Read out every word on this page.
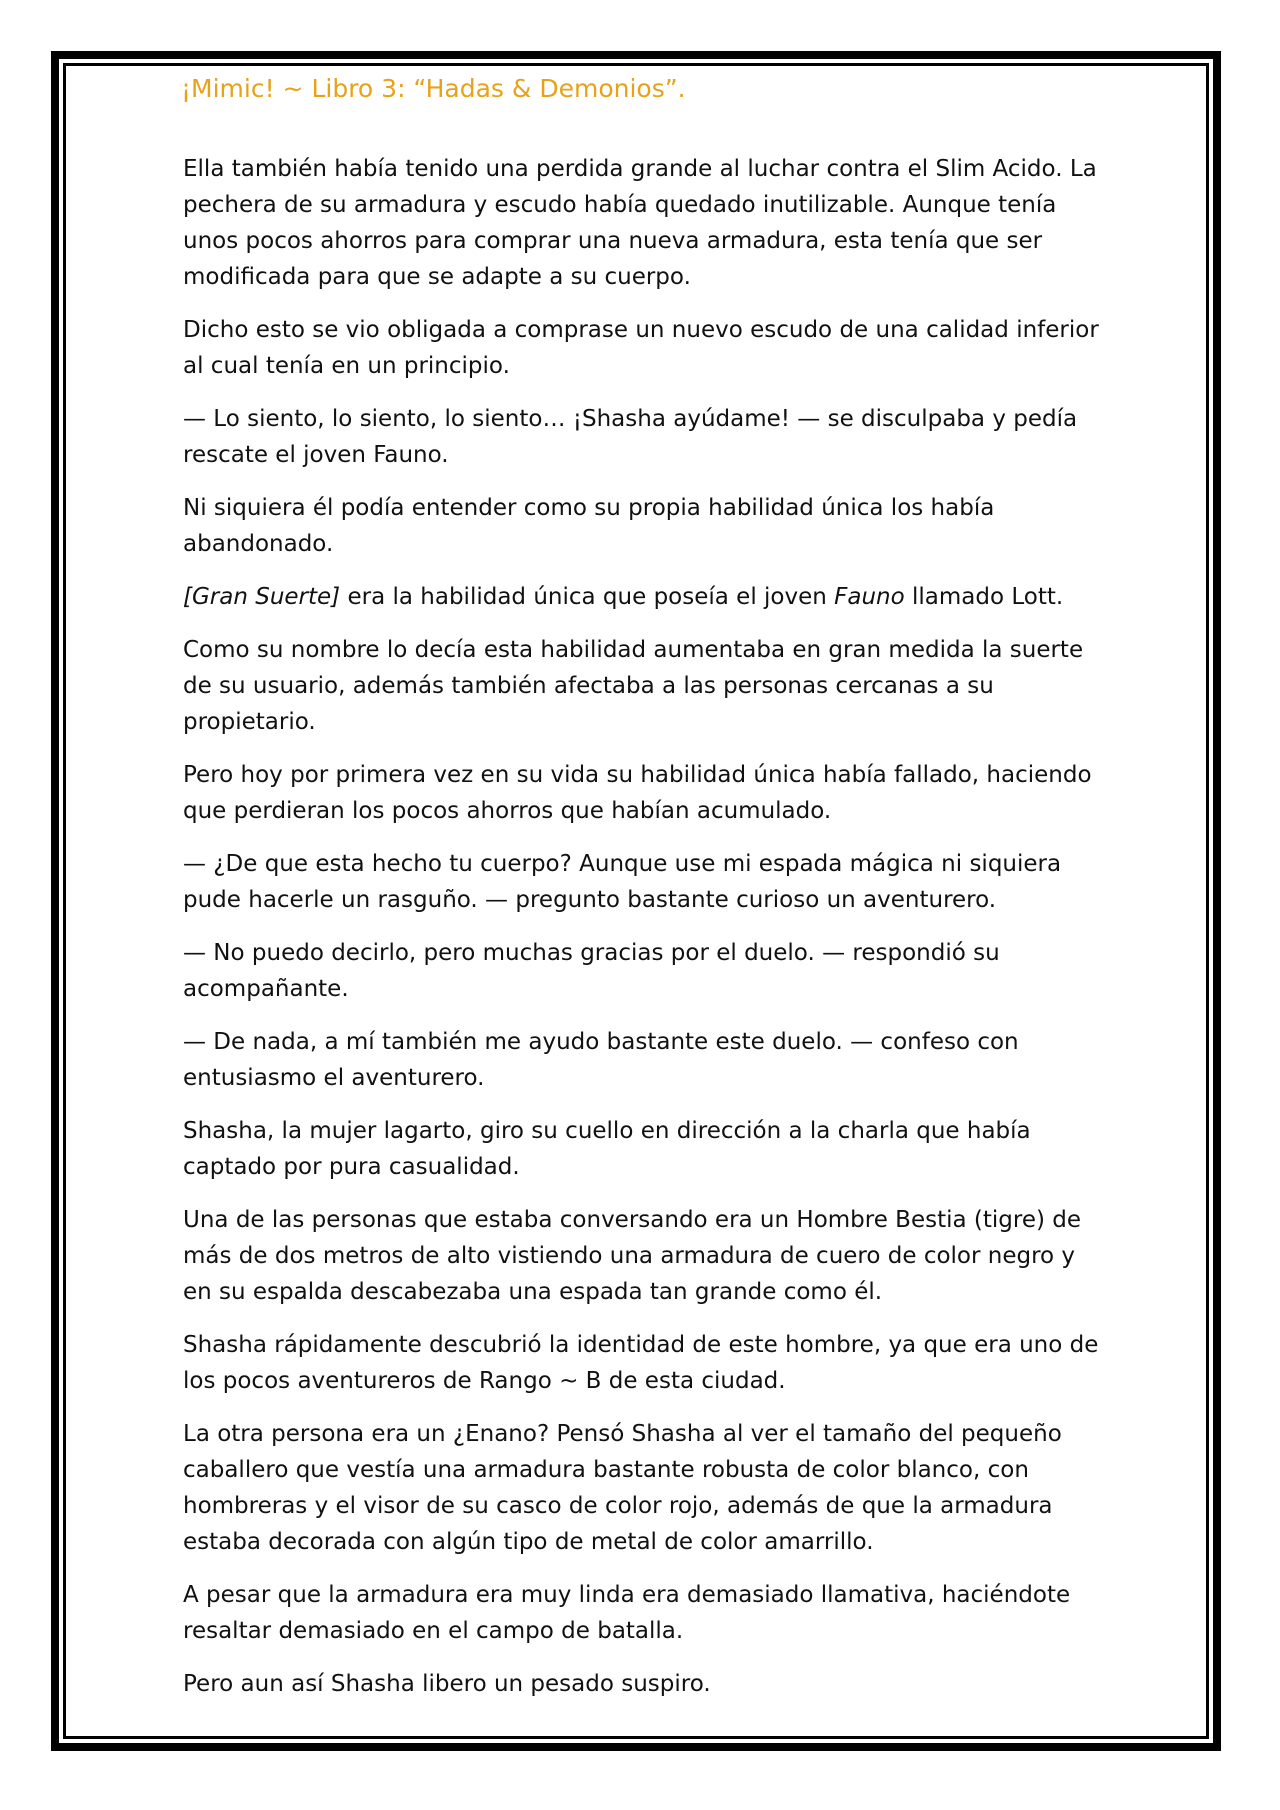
¡Mimic! ~ Libro 3: “Hadas & Demonios”.

Ella también había tenido una perdida grande al luchar contra el Slim Acido. La pechera de su armadura y escudo había quedado inutilizable. Aunque tenía unos pocos ahorros para comprar una nueva armadura, esta tenía que ser modificada para que se adapte a su cuerpo.

Dicho esto se vio obligada a comprase un nuevo escudo de una calidad inferior al cual tenía en un principio.

— Lo siento, lo siento, lo siento… ¡Shasha ayúdame! — se disculpaba y pedía rescate el joven Fauno.

Ni siquiera él podía entender como su propia habilidad única los había abandonado.

[Gran Suerte] era la habilidad única que poseía el joven Fauno llamado Lott.

Como su nombre lo decía esta habilidad aumentaba en gran medida la suerte de su usuario, además también afectaba a las personas cercanas a su propietario.

Pero hoy por primera vez en su vida su habilidad única había fallado, haciendo que perdieran los pocos ahorros que habían acumulado.

— ¿De que esta hecho tu cuerpo? Aunque use mi espada mágica ni siquiera pude hacerle un rasguño. — pregunto bastante curioso un aventurero.

— No puedo decirlo, pero muchas gracias por el duelo. — respondió su acompañante.

— De nada, a mí también me ayudo bastante este duelo. — confeso con entusiasmo el aventurero.

Shasha, la mujer lagarto, giro su cuello en dirección a la charla que había captado por pura casualidad.

Una de las personas que estaba conversando era un Hombre Bestia (tigre) de más de dos metros de alto vistiendo una armadura de cuero de color negro y en su espalda descabezaba una espada tan grande como él.

Shasha rápidamente descubrió la identidad de este hombre, ya que era uno de los pocos aventureros de Rango ~ B de esta ciudad.

La otra persona era un ¿Enano? Pensó Shasha al ver el tamaño del pequeño caballero que vestía una armadura bastante robusta de color blanco, con hombreras y el visor de su casco de color rojo, además de que la armadura estaba decorada con algún tipo de metal de color amarrillo.

A pesar que la armadura era muy linda era demasiado llamativa, haciéndote resaltar demasiado en el campo de batalla.

Pero aun así Shasha libero un pesado suspiro.
